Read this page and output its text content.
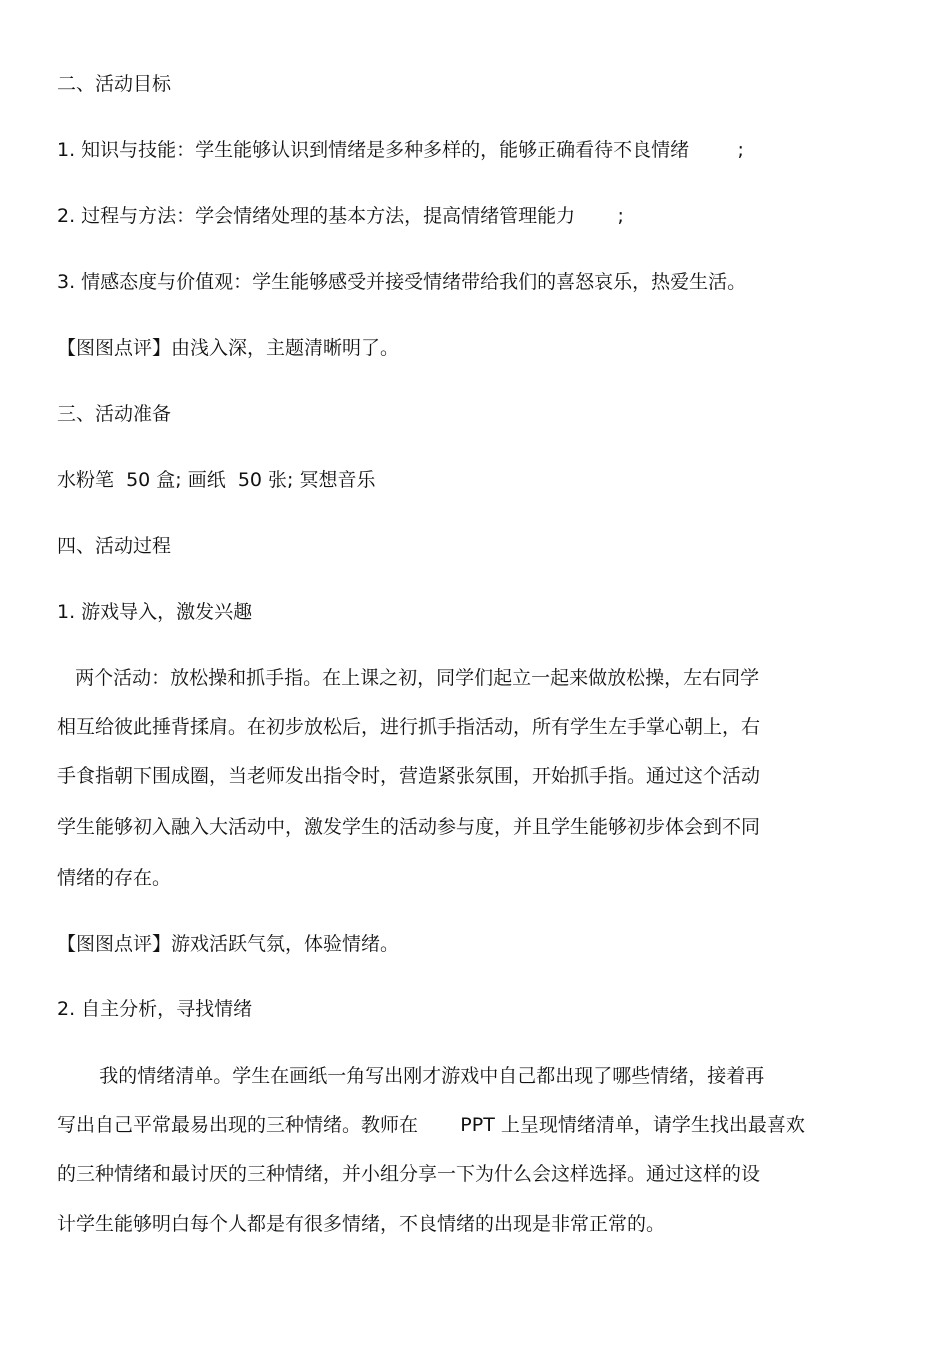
二、活动目标
1. 知识与技能：学生能够认识到情绪是多种多样的，能够正确看待不良情绪        ;
2. 过程与方法：学会情绪处理的基本方法，提高情绪管理能力       ;
3. 情感态度与价值观：学生能够感受并接受情绪带给我们的喜怒哀乐，热爱生活。
【图图点评】由浅入深，主题清晰明了。
三、活动准备
水粉笔  50 盒; 画纸  50 张; 冥想音乐
四、活动过程
1. 游戏导入，激发兴趣
两个活动：放松操和抓手指。在上课之初，同学们起立一起来做放松操，左右同学
相互给彼此捶背揉肩。在初步放松后，进行抓手指活动，所有学生左手掌心朝上，右
手食指朝下围成圈，当老师发出指令时，营造紧张氛围，开始抓手指。通过这个活动
学生能够初入融入大活动中，激发学生的活动参与度，并且学生能够初步体会到不同
情绪的存在。
【图图点评】游戏活跃气氛，体验情绪。
2. 自主分析，寻找情绪
我的情绪清单。学生在画纸一角写出刚才游戏中自己都出现了哪些情绪，接着再
写出自己平常最易出现的三种情绪。教师在       PPT 上呈现情绪清单，请学生找出最喜欢
的三种情绪和最讨厌的三种情绪，并小组分享一下为什么会这样选择。通过这样的设
计学生能够明白每个人都是有很多情绪，不良情绪的出现是非常正常的。
